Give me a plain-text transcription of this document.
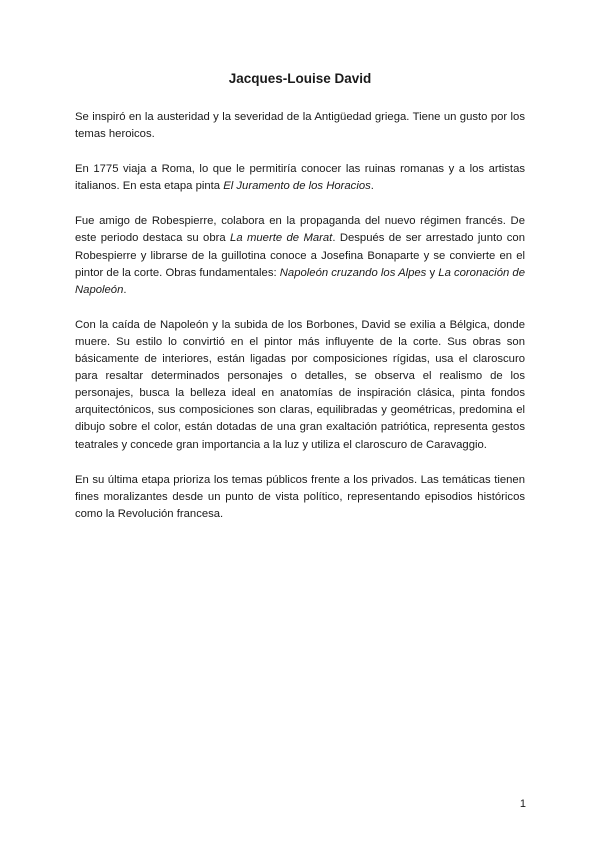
Jacques-Louise David

Se inspiró en la austeridad y la severidad de la Antigüedad griega. Tiene un gusto por los temas heroicos.

En 1775 viaja a Roma, lo que le permitiría conocer las ruinas romanas y a los artistas italianos. En esta etapa pinta El Juramento de los Horacios.

Fue amigo de Robespierre, colabora en la propaganda del nuevo régimen francés. De este periodo destaca su obra La muerte de Marat. Después de ser arrestado junto con Robespierre y librarse de la guillotina conoce a Josefina Bonaparte y se convierte en el pintor de la corte. Obras fundamentales: Napoleón cruzando los Alpes y La coronación de Napoleón.

Con la caída de Napoleón y la subida de los Borbones, David se exilia a Bélgica, donde muere. Su estilo lo convirtió en el pintor más influyente de la corte. Sus obras son básicamente de interiores, están ligadas por composiciones rígidas, usa el claroscuro para resaltar determinados personajes o detalles, se observa el realismo de los personajes, busca la belleza ideal en anatomías de inspiración clásica, pinta fondos arquitectónicos, sus composiciones son claras, equilibradas y geométricas, predomina el dibujo sobre el color, están dotadas de una gran exaltación patriótica, representa gestos teatrales y concede gran importancia a la luz y utiliza el claroscuro de Caravaggio.

En su última etapa prioriza los temas públicos frente a los privados. Las temáticas tienen fines moralizantes desde un punto de vista político, representando episodios históricos como la Revolución francesa.

1
